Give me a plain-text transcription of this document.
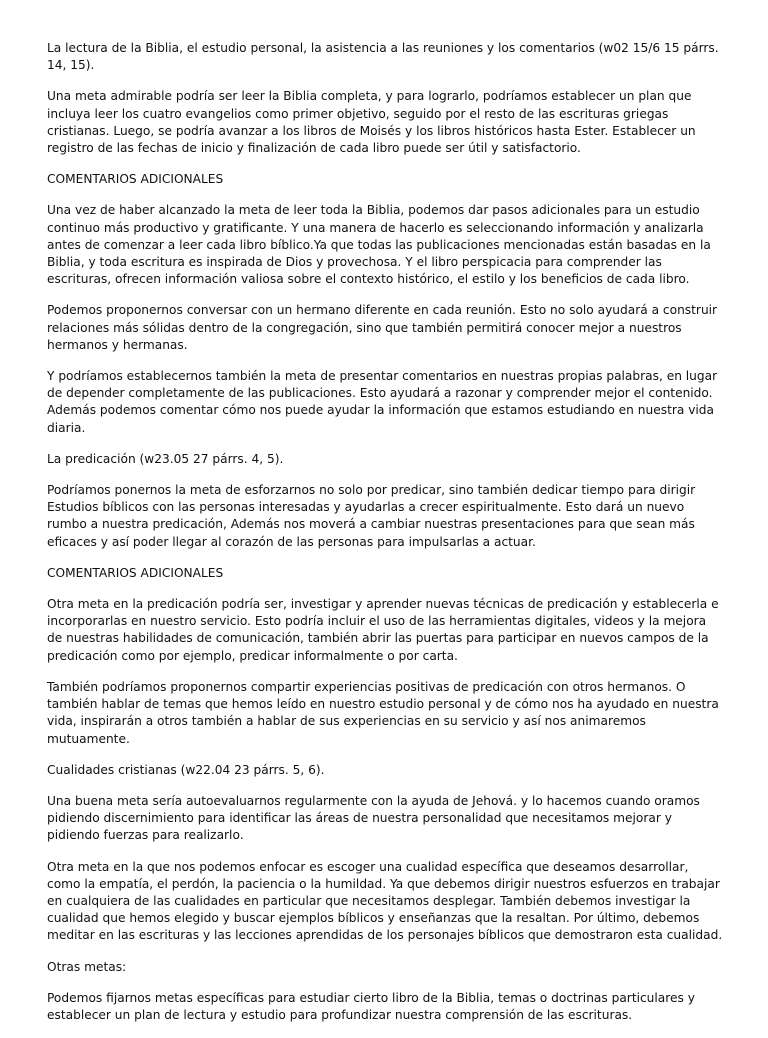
La lectura de la Biblia, el estudio personal, la asistencia a las reuniones y los comentarios (w02 15/6 15 párrs. 14, 15).

Una meta admirable podría ser leer la Biblia completa, y para lograrlo, podríamos establecer un plan que incluya leer los cuatro evangelios como primer objetivo, seguido por el resto de las escrituras griegas cristianas. Luego, se podría avanzar a los libros de Moisés y los libros históricos hasta Ester. Establecer un registro de las fechas de inicio y finalización de cada libro puede ser útil y satisfactorio.

COMENTARIOS ADICIONALES

Una vez de haber alcanzado la meta de leer toda la Biblia, podemos dar pasos adicionales para un estudio continuo más productivo y gratificante. Y una manera de hacerlo es seleccionando información y analizarla antes de comenzar a leer cada libro bíblico.Ya que todas las publicaciones mencionadas están basadas en la Biblia, y toda escritura es inspirada de Dios y provechosa. Y el libro perspicacia para comprender las escrituras, ofrecen información valiosa sobre el contexto histórico, el estilo y los beneficios de cada libro.

Podemos proponernos conversar con un hermano diferente en cada reunión. Esto no solo ayudará a construir relaciones más sólidas dentro de la congregación, sino que también permitirá conocer mejor a nuestros hermanos y hermanas.

Y podríamos establecernos también la meta de presentar comentarios en nuestras propias palabras, en lugar de depender completamente de las publicaciones. Esto ayudará a razonar y comprender mejor el contenido. Además podemos comentar cómo nos puede ayudar la información que estamos estudiando en nuestra vida diaria.

La predicación (w23.05 27 párrs. 4, 5).

Podríamos ponernos la meta de esforzarnos no solo por predicar, sino también dedicar tiempo para dirigir Estudios bíblicos con las personas interesadas y ayudarlas a crecer espiritualmente. Esto dará un nuevo rumbo a nuestra predicación, Además nos moverá a cambiar nuestras presentaciones para que sean más eficaces y así poder llegar al corazón de las personas para impulsarlas a actuar.

COMENTARIOS ADICIONALES

Otra meta en la predicación podría ser, investigar y aprender nuevas técnicas de predicación y establecerla e incorporarlas en nuestro servicio. Esto podría incluir el uso de las herramientas digitales, videos y la mejora de nuestras habilidades de comunicación, también abrir las puertas para participar en nuevos campos de la predicación como por ejemplo, predicar informalmente o por carta.

También podríamos proponernos compartir experiencias positivas de predicación con otros hermanos. O también hablar de temas que hemos leído en nuestro estudio personal y de cómo nos ha ayudado en nuestra vida, inspirarán a otros también a hablar de sus experiencias en su servicio y así nos animaremos mutuamente.

Cualidades cristianas (w22.04 23 párrs. 5, 6).

Una buena meta sería autoevaluarnos regularmente con la ayuda de Jehová. y lo hacemos cuando oramos pidiendo discernimiento para identificar las áreas de nuestra personalidad que necesitamos mejorar y pidiendo fuerzas para realizarlo.

Otra meta en la que nos podemos enfocar es escoger una cualidad específica que deseamos desarrollar, como la empatía, el perdón, la paciencia o la humildad. Ya que debemos dirigir nuestros esfuerzos en trabajar en cualquiera de las cualidades en particular que necesitamos desplegar. También debemos investigar la cualidad que hemos elegido y buscar ejemplos bíblicos y enseñanzas que la resaltan. Por último, debemos meditar en las escrituras y las lecciones aprendidas de los personajes bíblicos que demostraron esta cualidad.

Otras metas:

Podemos fijarnos metas específicas para estudiar cierto libro de la Biblia, temas o doctrinas particulares y establecer un plan de lectura y estudio para profundizar nuestra comprensión de las escrituras.
